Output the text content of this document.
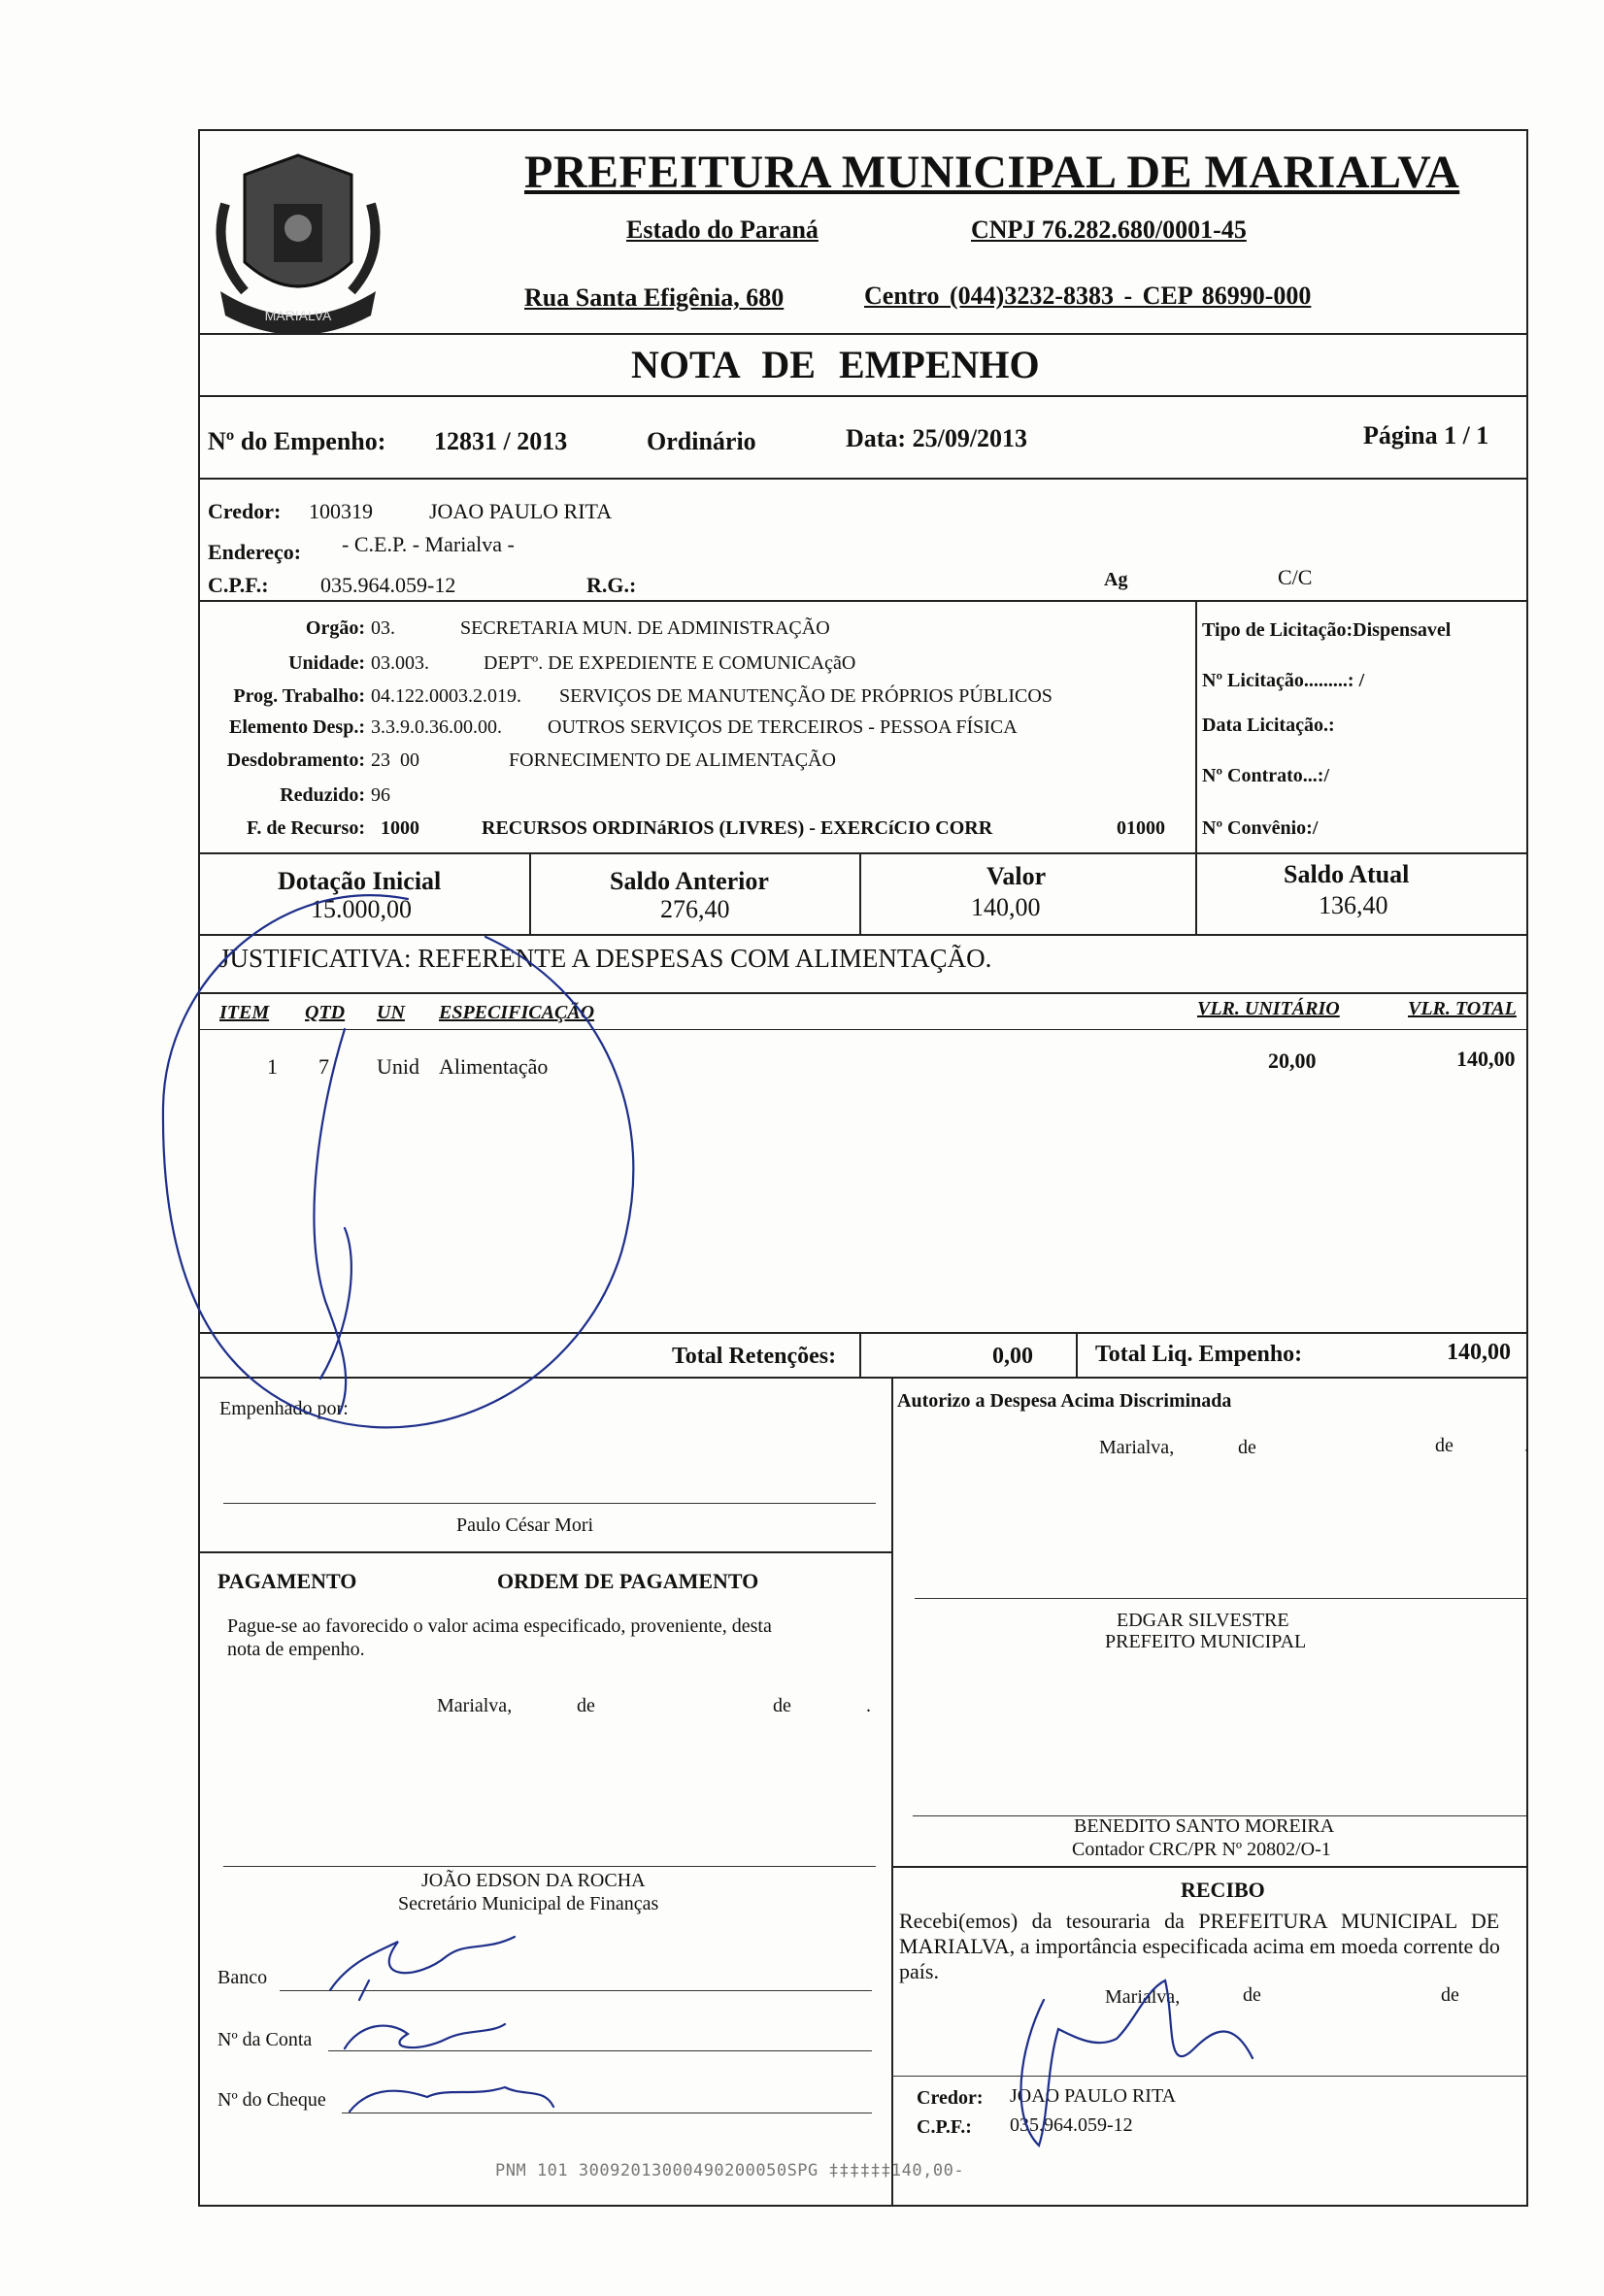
MARIALVA
PREFEITURA MUNICIPAL DE MARIALVA
Estado do Paraná	CNPJ 76.282.680/0001-45
Rua Santa Efigênia, 680	Centro (044)3232-8383 - CEP 86990-000
NOTA DE EMPENHO
Nº do Empenho: 12831 / 2013	Ordinário	Data: 25/09/2013	Página 1 / 1
Credor: 100319	JOAO PAULO RITA
Endereço: - C.E.P. - Marialva -
C.P.F.: 035.964.059-12	R.G.:	Ag	C/C
Orgão: 03.	SECRETARIA MUN. DE ADMINISTRAÇÃO
Unidade: 03.003.	DEPTº. DE EXPEDIENTE E COMUNICAçãO
Prog. Trabalho: 04.122.0003.2.019. SERVIÇOS DE MANUTENÇÃO DE PRÓPRIOS PÚBLICOS
Elemento Desp.: 3.3.9.0.36.00.00. OUTROS SERVIÇOS DE TERCEIROS - PESSOA FÍSICA
Desdobramento: 23  00	FORNECIMENTO DE ALIMENTAÇÃO
Reduzido: 96
F. de Recurso: 1000	RECURSOS ORDINáRIOS (LIVRES) - EXERCíCIO CORR	01000
Tipo de Licitação:Dispensavel
Nº Licitação.........: /
Data Licitação.:
Nº Contrato...:/
Nº Convênio:/
Dotação Inicial
15.000,00
Saldo Anterior
276,40
Valor
140,00
Saldo Atual
136,40
JUSTIFICATIVA: REFERENTE A DESPESAS COM ALIMENTAÇÃO.
ITEM QTD UN ESPECIFICAÇÃO	VLR. UNITÁRIO	VLR. TOTAL
1 7 Unid Alimentação	20,00	140,00
Total Retenções:	0,00	Total Liq. Empenho:	140,00
Empenhado por:
Paulo César Mori
Autorizo a Despesa Acima Discriminada
Marialva,	de	de	.
EDGAR SILVESTRE
PREFEITO MUNICIPAL
PAGAMENTO	ORDEM DE PAGAMENTO
Pague-se ao favorecido o valor acima especificado, proveniente, desta
nota de empenho.
Marialva,	de	de	.
BENEDITO SANTO MOREIRA
Contador CRC/PR Nº 20802/O-1
JOÃO EDSON DA ROCHA
Secretário Municipal de Finanças
Banco
Nº da Conta
Nº do Cheque
RECIBO
Recebi(emos) da tesouraria da PREFEITURA MUNICIPAL DE
MARIALVA, a importância especificada acima em moeda corrente do
país.
Marialva,	de	de
Credor: JOAO PAULO RITA
C.P.F.: 035.964.059-12
PNM 101 30092013000490200050SPG ‡‡‡‡‡‡140,00-
